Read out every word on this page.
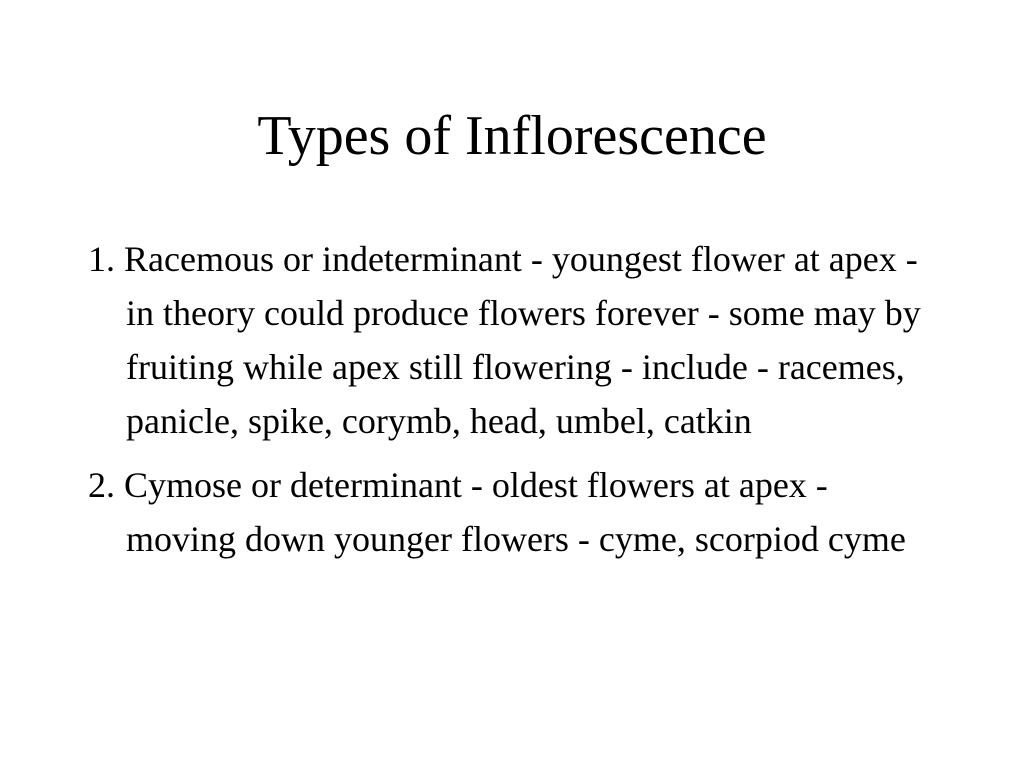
Types of Inflorescence
1. Racemous or indeterminant - youngest flower at apex - in theory could produce flowers forever - some may by fruiting while apex still flowering - include - racemes, panicle, spike, corymb, head, umbel, catkin
2. Cymose or determinant - oldest flowers at apex - moving down younger flowers - cyme, scorpiod cyme
